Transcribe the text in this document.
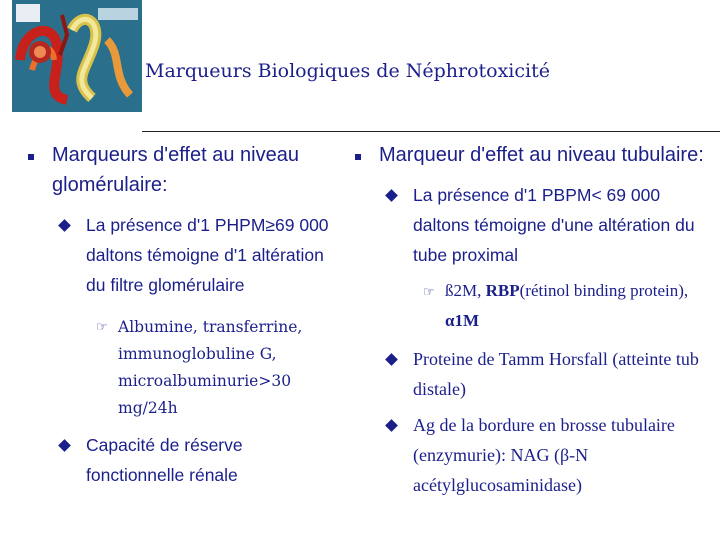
Marqueurs Biologiques de Néphrotoxicité
Marqueurs d'effet au niveau glomérulaire:
La présence d'1 PHPM≥69 000 daltons témoigne d'1 altération du filtre glomérulaire
☞ Albumine, transferrine, immunoglobuline G, microalbuminurie>30 mg/24h
Capacité de réserve fonctionnelle rénale
Marqueur d'effet au niveau tubulaire:
La présence d'1 PBPM< 69 000 daltons témoigne d'une altération du tube proximal
☞ ß2M, RBP(rétinol binding protein), α1M
Proteine de Tamm Horsfall (atteinte tub distale)
Ag de la bordure en brosse tubulaire (enzymurie): NAG (β-N acétylglucosaminidase)
